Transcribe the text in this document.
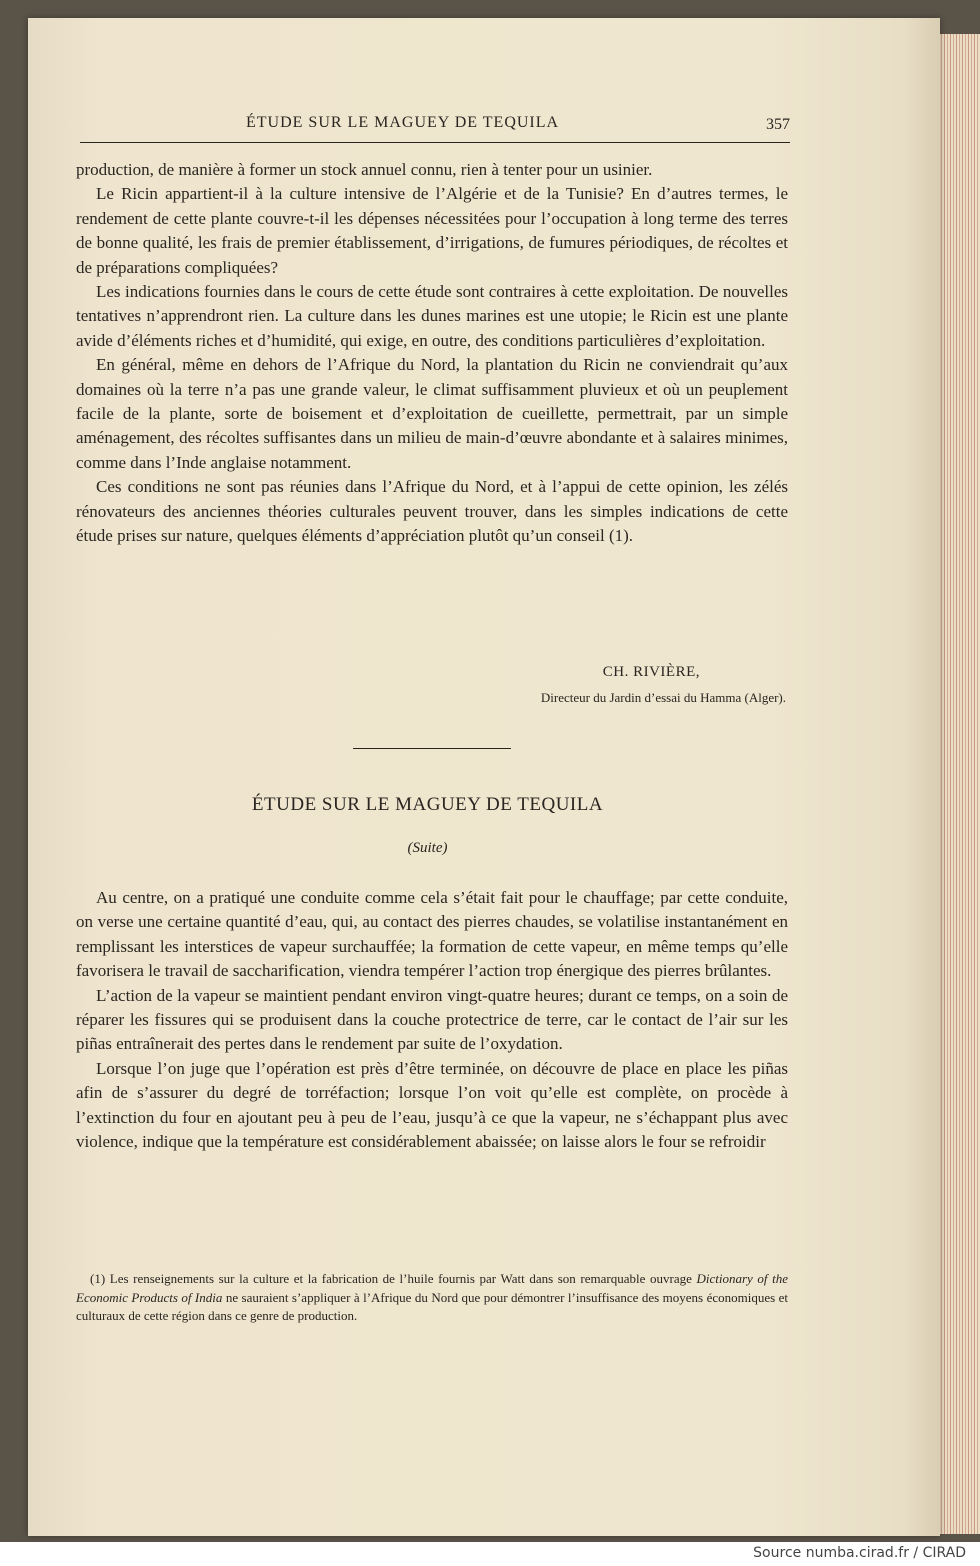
ÉTUDE SUR LE MAGUEY DE TEQUILA	357

production, de manière à former un stock annuel connu, rien à tenter pour un usinier.

Le Ricin appartient-il à la culture intensive de l’Algérie et de la Tunisie? En d’autres termes, le rendement de cette plante couvre-t-il les dépenses nécessitées pour l’occupation à long terme des terres de bonne qualité, les frais de premier établissement, d’irrigations, de fumures périodiques, de récoltes et de préparations compliquées?

Les indications fournies dans le cours de cette étude sont contraires à cette exploitation. De nouvelles tentatives n’apprendront rien. La culture dans les dunes marines est une utopie; le Ricin est une plante avide d’éléments riches et d’humidité, qui exige, en outre, des conditions particulières d’exploitation.

En général, même en dehors de l’Afrique du Nord, la plantation du Ricin ne conviendrait qu’aux domaines où la terre n’a pas une grande valeur, le climat suffisamment pluvieux et où un peuplement facile de la plante, sorte de boisement et d’exploitation de cueillette, permettrait, par un simple aménagement, des récoltes suffisantes dans un milieu de main-d’œuvre abondante et à salaires minimes, comme dans l’Inde anglaise notamment.

Ces conditions ne sont pas réunies dans l’Afrique du Nord, et à l’appui de cette opinion, les zélés rénovateurs des anciennes théories culturales peuvent trouver, dans les simples indications de cette étude prises sur nature, quelques éléments d’appréciation plutôt qu’un conseil (1).

CH. RIVIÈRE,
Directeur du Jardin d’essai du Hamma (Alger).
ÉTUDE SUR LE MAGUEY DE TEQUILA
(Suite)

Au centre, on a pratiqué une conduite comme cela s’était fait pour le chauffage; par cette conduite, on verse une certaine quantité d’eau, qui, au contact des pierres chaudes, se volatilise instantanément en remplissant les interstices de vapeur surchauffée; la formation de cette vapeur, en même temps qu’elle favorisera le travail de saccharification, viendra tempérer l’action trop énergique des pierres brûlantes.

L’action de la vapeur se maintient pendant environ vingt-quatre heures; durant ce temps, on a soin de réparer les fissures qui se produisent dans la couche protectrice de terre, car le contact de l’air sur les piñas entraînerait des pertes dans le rendement par suite de l’oxydation.

Lorsque l’on juge que l’opération est près d’être terminée, on découvre de place en place les piñas afin de s’assurer du degré de torréfaction; lorsque l’on voit qu’elle est complète, on procède à l’extinction du four en ajoutant peu à peu de l’eau, jusqu’à ce que la vapeur, ne s’échappant plus avec violence, indique que la température est considérablement abaissée; on laisse alors le four se refroidir

(1) Les renseignements sur la culture et la fabrication de l’huile fournis par Watt dans son remarquable ouvrage Dictionary of the Economic Products of India ne sauraient s’appliquer à l’Afrique du Nord que pour démontrer l’insuffisance des moyens économiques et culturaux de cette région dans ce genre de production.

Source numba.cirad.fr / CIRAD
